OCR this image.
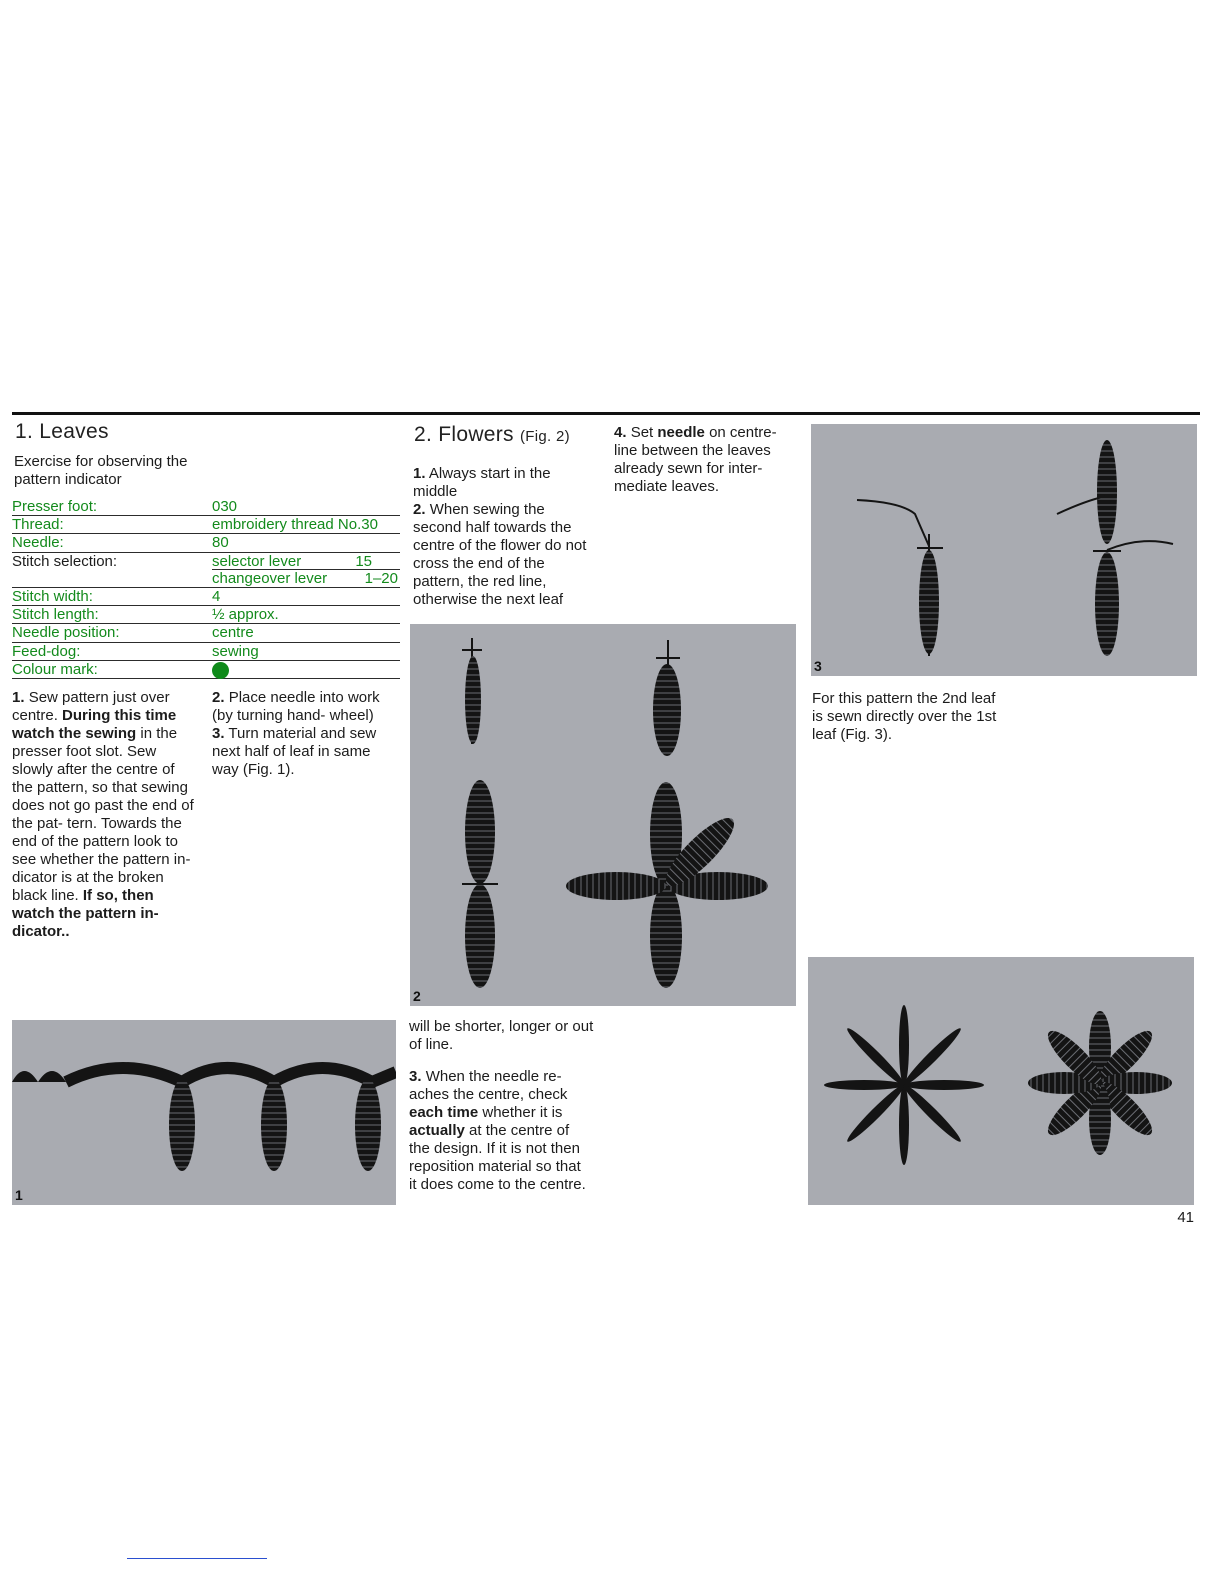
1. Leaves
Exercise for observing the pattern indicator
Presser foot:	030
Thread:	embroidery thread No.30
Needle:	80
Stitch selection:	selector lever	15
changeover lever	1–20
Stitch width:	4
Stitch length:	½ approx.
Needle position:	centre
Feed-dog:	sewing
Colour mark:
1. Sew pattern just over centre. During this time watch the sewing in the presser foot slot. Sew slowly after the centre of the pattern, so that sewing does not go past the end of the pat- tern. Towards the end of the pattern look to see whether the pattern in- dicator is at the broken black line. If so, then watch the pattern in- dicator..
2. Place needle into work (by turning hand- wheel)
3. Turn material and sew next half of leaf in same way (Fig. 1).
1
2. Flowers (Fig. 2)
1. Always start in the middle
2. When sewing the second half towards the centre of the flower do not cross the end of the pattern, the red line, otherwise the next leaf
2
will be shorter, longer or out of line.
3. When the needle re- aches the centre, check each time whether it is actually at the centre of the design. If it is not then reposition material so that it does come to the centre.
4. Set needle on centre- line between the leaves already sewn for inter- mediate leaves.
3
For this pattern the 2nd leaf is sewn directly over the 1st leaf (Fig. 3).
41
